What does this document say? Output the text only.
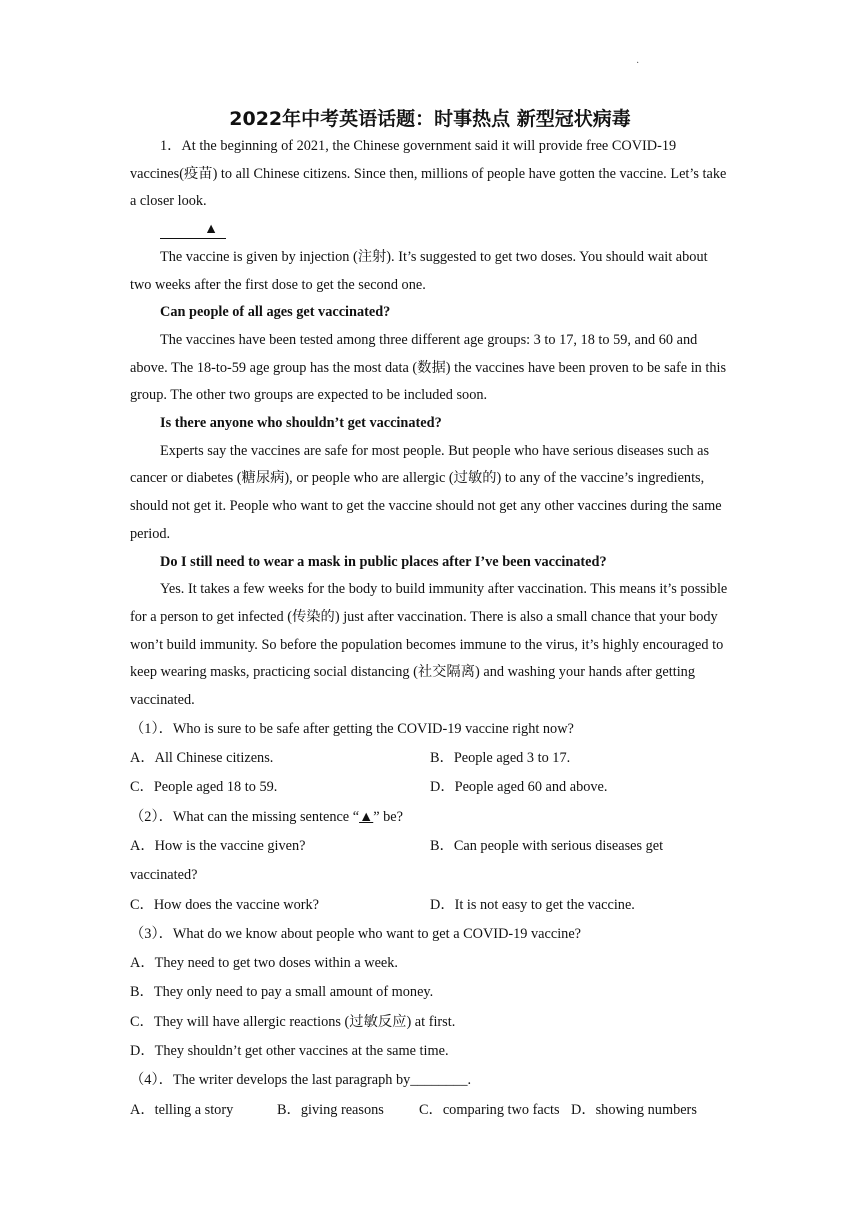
·
2022年中考英语话题：时事热点 新型冠状病毒

1．At the beginning of 2021, the Chinese government said it will provide free COVID-19 vaccines(疫苗) to all Chinese citizens. Since then, millions of people have gotten the vaccine. Let’s take a closer look.

▲

The vaccine is given by injection (注射). It’s suggested to get two doses. You should wait about two weeks after the first dose to get the second one.

Can people of all ages get vaccinated?

The vaccines have been tested among three different age groups: 3 to 17, 18 to 59, and 60 and above. The 18-to-59 age group has the most data (数据) the vaccines have been proven to be safe in this group. The other two groups are expected to be included soon.

Is there anyone who shouldn’t get vaccinated?

Experts say the vaccines are safe for most people. But people who have serious diseases such as cancer or diabetes (糖尿病), or people who are allergic (过敏的) to any of the vaccine’s ingredients, should not get it. People who want to get the vaccine should not get any other vaccines during the same period.

Do I still need to wear a mask in public places after I’ve been vaccinated?

Yes. It takes a few weeks for the body to build immunity after vaccination. This means it’s possible for a person to get infected (传染的) just after vaccination. There is also a small chance that your body won’t build immunity. So before the population becomes immune to the virus, it’s highly encouraged to keep wearing masks, practicing social distancing (社交隔离) and washing your hands after getting vaccinated.

（1）．Who is sure to be safe after getting the COVID-19 vaccine right now?

A．All Chinese citizens.	B．People aged 3 to 17.
C．People aged 18 to 59.	D．People aged 60 and above.

（2）．What can the missing sentence “▲” be?

A．How is the vaccine given?	B．Can people with serious diseases get

vaccinated?

C．How does the vaccine work?	D．It is not easy to get the vaccine.

（3）．What do we know about people who want to get a COVID-19 vaccine?

A．They need to get two doses within a week.

B．They only need to pay a small amount of money.

C．They will have allergic reactions (过敏反应) at first.

D．They shouldn’t get other vaccines at the same time.

（4）．The writer develops the last paragraph by________.

A．telling a story	B．giving reasons	C．comparing two facts D．showing numbers
